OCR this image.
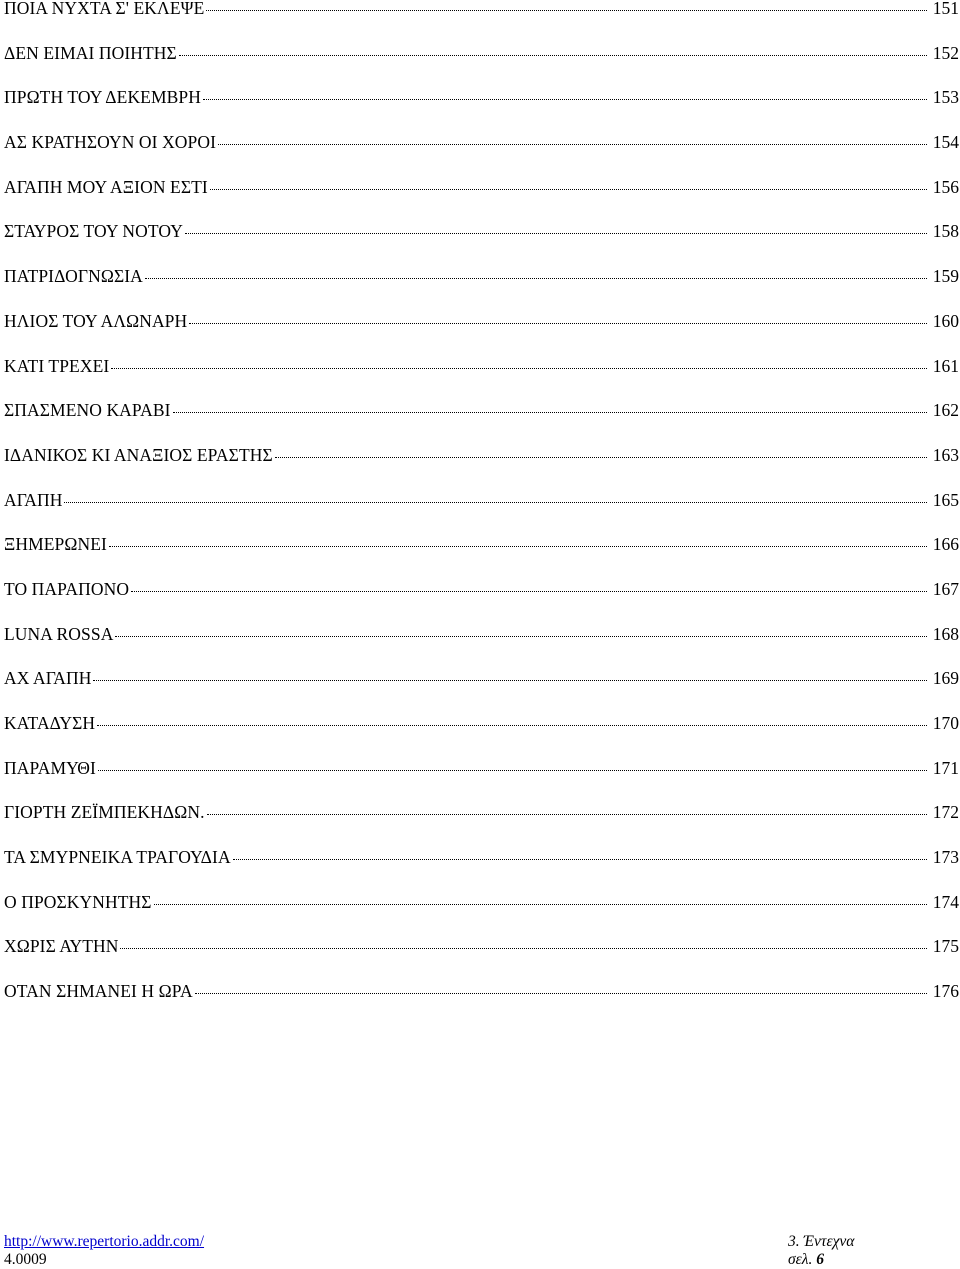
ΠΟΙΑ ΝΥΧΤΑ Σ' ΕΚΛΕΨΕ	151
ΔΕΝ ΕΙΜΑΙ ΠΟΙΗΤΗΣ	152
ΠΡΩΤΗ ΤΟΥ ΔΕΚΕΜΒΡΗ	153
ΑΣ ΚΡΑΤΗΣΟΥΝ ΟΙ ΧΟΡΟΙ	154
ΑΓΑΠΗ ΜΟΥ ΑΞΙΟΝ ΕΣΤΙ	156
ΣΤΑΥΡΟΣ ΤΟΥ ΝΟΤΟΥ	158
ΠΑΤΡΙΔΟΓΝΩΣΙΑ	159
ΗΛΙΟΣ ΤΟΥ ΑΛΩΝΑΡΗ	160
ΚΑΤΙ ΤΡΕΧΕΙ	161
ΣΠΑΣΜΕΝΟ ΚΑΡΑΒΙ	162
ΙΔΑΝΙΚΟΣ ΚΙ ΑΝΑΞΙΟΣ ΕΡΑΣΤΗΣ	163
ΑΓΑΠΗ	165
ΞΗΜΕΡΩΝΕΙ	166
ΤΟ ΠΑΡΑΠΟΝΟ	167
LUNA ROSSA	168
ΑΧ ΑΓΑΠΗ	169
ΚΑΤΑΔΥΣΗ	170
ΠΑΡΑΜΥΘΙ	171
ΓΙΟΡΤΗ ΖΕΪΜΠΕΚΗΔΩΝ.	172
ΤΑ ΣΜΥΡΝΕΙΚΑ ΤΡΑΓΟΥΔΙΑ	173
Ο ΠΡΟΣΚΥΝΗΤΗΣ	174
ΧΩΡΙΣ ΑΥΤΗΝ	175
ΟΤΑΝ ΣΗΜΑΝΕΙ Η ΩΡΑ	176
http://www.repertorio.addr.com/
4.0009
3. Έντεχνα
σελ. 6
